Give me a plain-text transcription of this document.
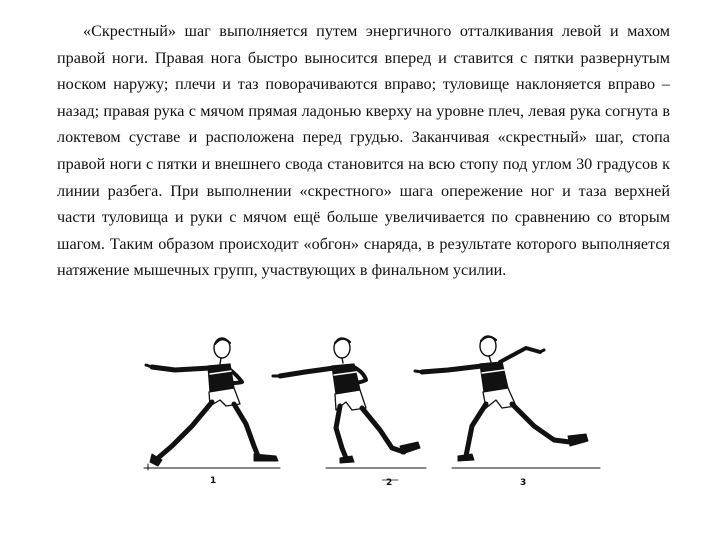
«Скрестный» шаг выполняется путем энергичного отталкивания левой и махом правой ноги. Правая нога быстро выносится вперед и ставится с пятки развернутым носком наружу; плечи и таз поворачиваются вправо; туловище наклоняется вправо – назад; правая рука с мячом прямая ладонью кверху на уровне плеч, левая рука согнута в локтевом суставе и расположена перед грудью. Заканчивая «скрестный» шаг, стопа правой ноги с пятки и внешнего свода становится на всю стопу под углом 30 градусов к линии разбега. При выполнении «скрестного» шага опережение ног и таза верхней части туловища и руки с мячом ещё больше увеличивается по сравнению со вторым шагом. Таким образом происходит «обгон» снаряда, в результате которого выполняется натяжение мышечных групп, участвующих в финальном усилии.

1	2	3
